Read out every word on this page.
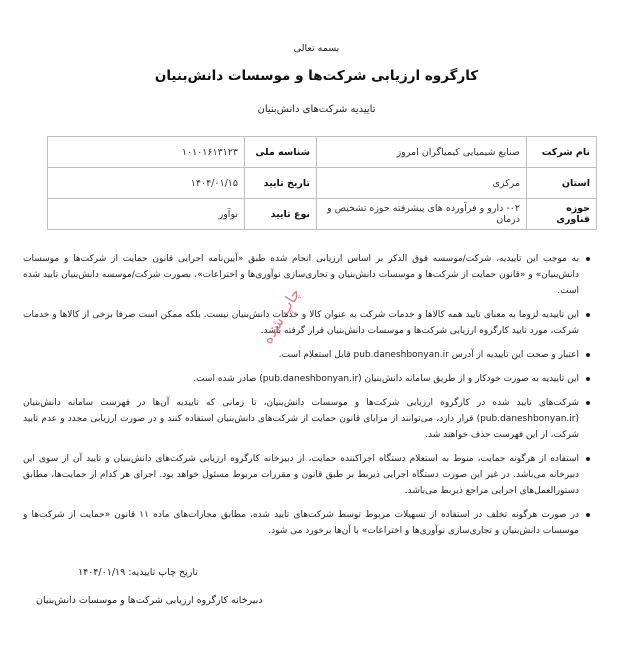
بسمه تعالی
کارگروه ارزیابی شرکت‌ها و موسسات دانش‌بنیان
تاییدیه شرکت‌های دانش‌بنیان
نام شرکت	صنایع شیمیایی کیمیاگران امروز	شناسه ملی	۱۰۱۰۱۶۱۳۱۲۳
استان	مرکزی	تاریخ تایید	۱۴۰۴/۰۱/۱۵
حوزه فناوری	۰۲- دارو و فرآورده های پیشرفته حوزه تشخیص و درمان	نوع تایید	نوآور
به موجب این تاییدیه، شرکت/موسسه فوق الذکر بر اساس ارزیابی انجام شده طبق «آیین‌نامه اجرایی قانون حمایت از شرکت‌ها و موسسات دانش‌بنیان» و «قانون حمایت از شرکت‌ها و موسسات دانش‌بنیان و تجاری‌سازی نوآوری‌ها و اختراعات»، بصورت شرکت/موسسه دانش‌بنیان تایید شده است.
این تاییدیه لزوما به معنای تایید همه کالاها و خدمات شرکت به عنوان کالا و خدمات دانش‌بنیان نیست. بلکه ممکن است صرفا برخی از کالاها و خدمات شرکت، مورد تایید کارگروه ارزیابی شرکت‌ها و موسسات دانش‌بنیان قرار گرفته باشد.
اعتبار و صحت این تاییدیه از آدرس pub.daneshbonyan.ir قابل استعلام است.
این تاییدیه به صورت خودکار و از طریق سامانه دانش‌بنیان (pub.daneshbonyan.ir) صادر شده است.
شرکت‌های تایید شده در کارگروه ارزیابی شرکت‌ها و موسسات دانش‌بنیان، تا زمانی که تاییدیه آن‌ها در فهرست سامانه دانش‌بنیان (pub.daneshbonyan.ir) قرار دارد، می‌توانند از مزایای قانون حمایت از شرکت‌های دانش‌بنیان استفاده کنند و در صورت ارزیابی مجدد و عدم تایید شرکت، از این فهرست حذف خواهند شد.
استفاده از هرگونه حمایت، منوط به استعلام دستگاه اجراکننده حمایت، از دبیرخانه کارگروه ارزیابی شرکت‌های دانش‌بنیان و تایید آن از سوی این دبیرخانه می‌باشد. در غیر این صورت دستگاه اجرایی ذیربط بر طبق قانون و مقررات مربوط مسئول خواهد بود. اجرای هر کدام از حمایت‌ها، مطابق دستورالعمل‌های اجرایی مراجع ذیربط می‌باشد.
در صورت هرگونه تخلف در استفاده از تسهیلات مربوط توسط شرکت‌های تایید شده، مطابق مجازات‌های ماده ۱۱ قانون «حمایت از شرکت‌ها و موسسات دانش‌بنیان و تجاری‌سازی نوآوری‌ها و اختراعات» با آن‌ها برخورد می شود.
چاپ شده
تاریخ چاپ تاییدیه: ۱۴۰۴/۰۱/۱۹
دبیرخانه کارگروه ارزیابی شرکت‌ها و موسسات دانش‌بنیان
